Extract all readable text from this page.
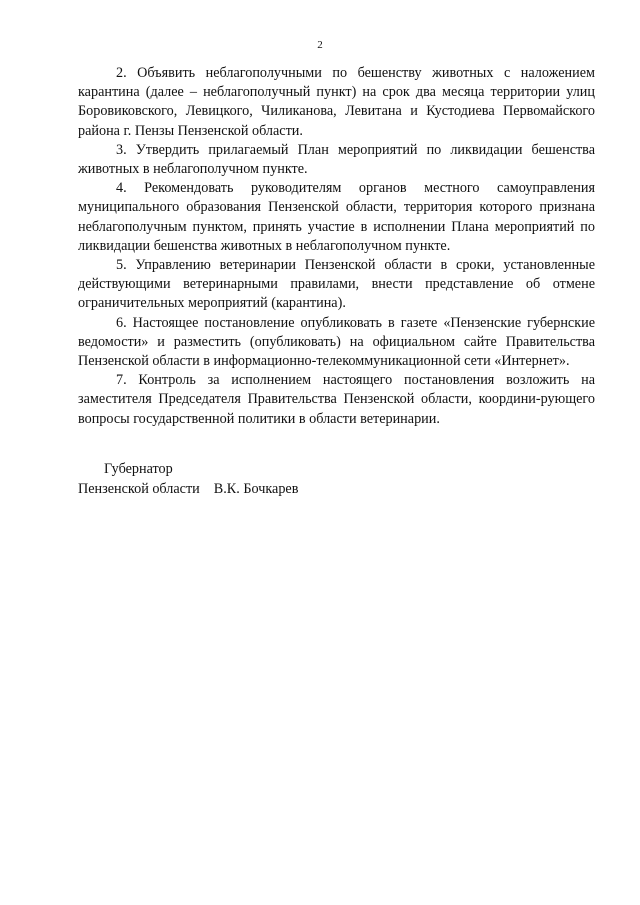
2

2. Объявить неблагополучными по бешенству животных с наложением карантина (далее – неблагополучный пункт) на срок два месяца территории улиц Боровиковского, Левицкого, Чиликанова, Левитана и Кустодиева Первомайского района г. Пензы Пензенской области.

3. Утвердить прилагаемый План мероприятий по ликвидации бешенства животных в неблагополучном пункте.

4. Рекомендовать руководителям органов местного самоуправления муниципального образования Пензенской области, территория которого признана неблагополучным пунктом, принять участие в исполнении Плана мероприятий по ликвидации бешенства животных в неблагополучном пункте.

5. Управлению ветеринарии Пензенской области в сроки, установленные действующими ветеринарными правилами, внести представление об отмене ограничительных мероприятий (карантина).

6. Настоящее постановление опубликовать в газете «Пензенские губернские ведомости» и разместить (опубликовать) на официальном сайте Правительства Пензенской области в информационно-телекоммуникационной сети «Интернет».

7. Контроль за исполнением настоящего постановления возложить на заместителя Председателя Правительства Пензенской области, координи-рующего вопросы государственной политики в области ветеринарии.

Губернатор
Пензенской области В.К. Бочкарев
